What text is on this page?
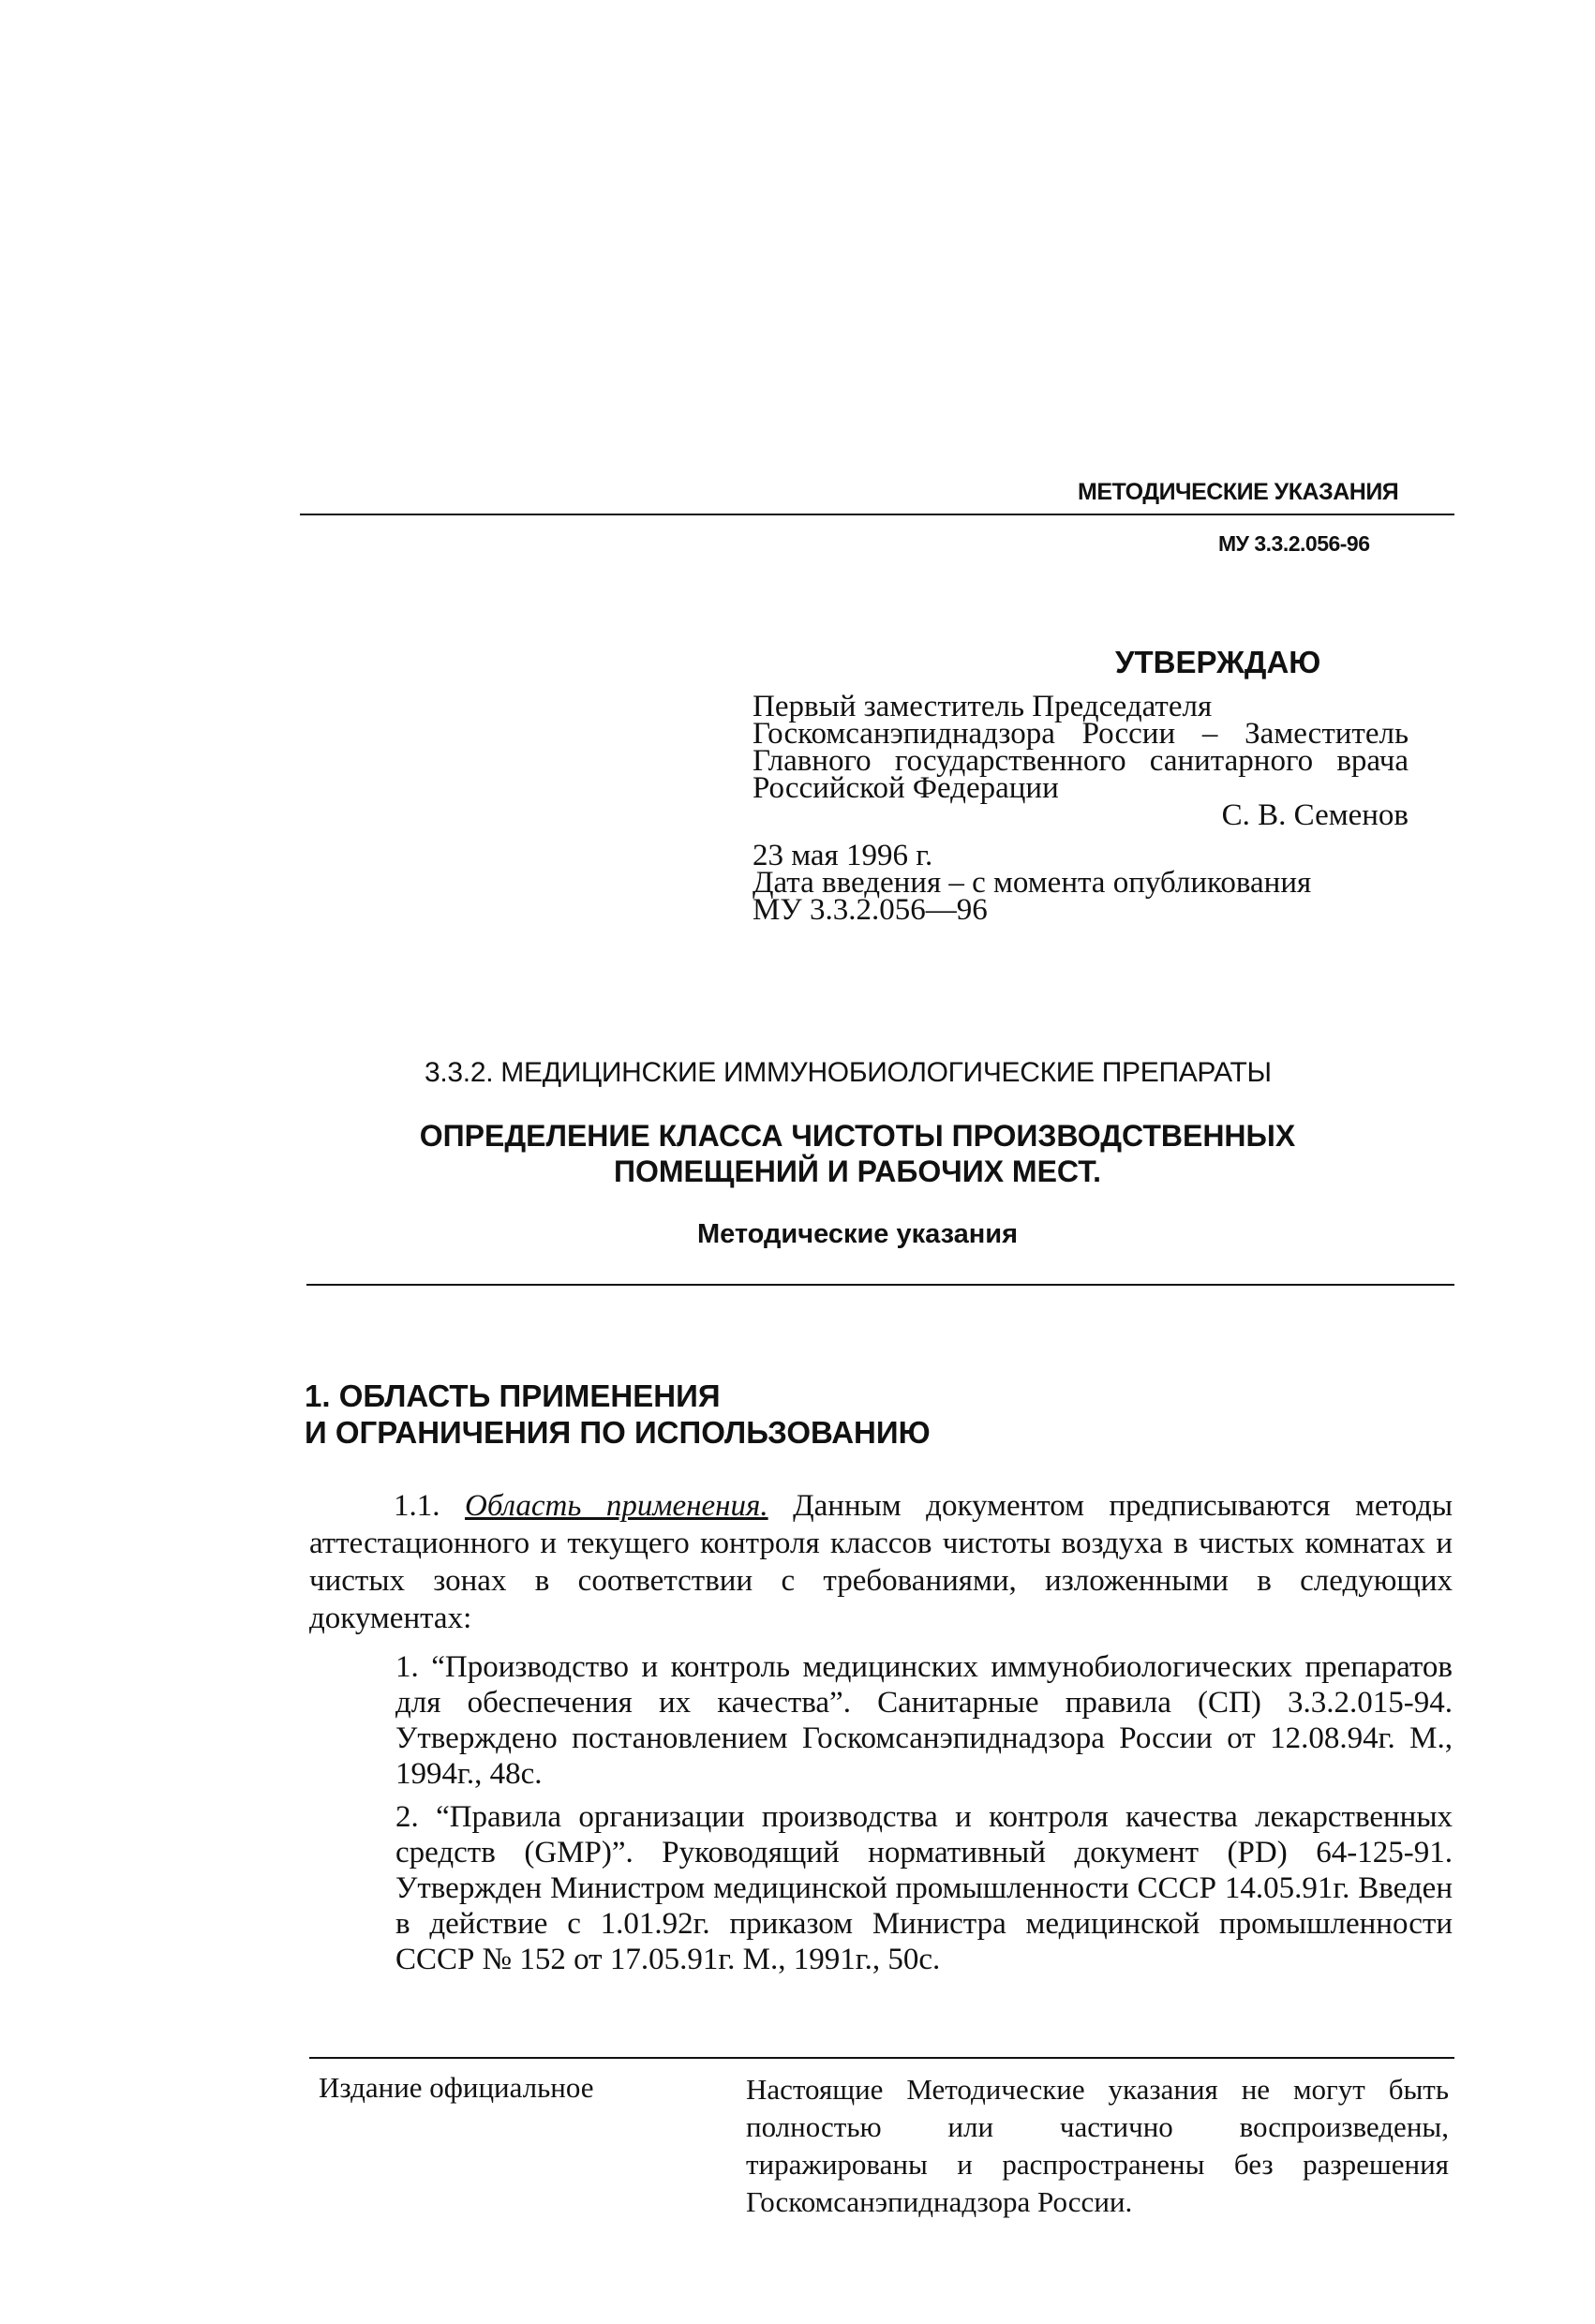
МЕТОДИЧЕСКИЕ УКАЗАНИЯ
МУ 3.3.2.056-96
УТВЕРЖДАЮ
Первый заместитель Председателя
Госкомсанэпиднадзора России – Заместитель Главного государственного санитарного врача Российской Федерации
С. В. Семенов
23 мая 1996 г.
Дата введения – с момента опубликования
МУ 3.3.2.056—96
3.3.2. МЕДИЦИНСКИЕ ИММУНОБИОЛОГИЧЕСКИЕ ПРЕПАРАТЫ
ОПРЕДЕЛЕНИЕ КЛАССА ЧИСТОТЫ ПРОИЗВОДСТВЕННЫХ
ПОМЕЩЕНИЙ И РАБОЧИХ МЕСТ.
Методические указания
1. ОБЛАСТЬ ПРИМЕНЕНИЯ
И ОГРАНИЧЕНИЯ ПО ИСПОЛЬЗОВАНИЮ
1.1. Область применения. Данным документом предписываются методы аттестационного и текущего контроля классов чистоты воздуха в чистых комнатах и чистых зонах в соответствии с требованиями, изложенными в следующих документах:
1. “Производство и контроль медицинских иммунобиологических препаратов для обеспечения их качества”. Санитарные правила (СП) 3.3.2.015-94. Утверждено постановлением Госкомсанэпиднадзора России от 12.08.94г. М., 1994г., 48с.
2. “Правила организации производства и контроля качества лекарственных средств (GMP)”. Руководящий нормативный документ (PD) 64-125-91. Утвержден Министром медицинской промышленности СССР 14.05.91г. Введен в действие с 1.01.92г. приказом Министра медицинской промышленности СССР № 152 от 17.05.91г. М., 1991г., 50с.
Издание официальное	Настоящие Методические указания не могут быть полностью или частично воспроизведены, тиражированы и распространены без разрешения Госкомсанэпиднадзора России.
